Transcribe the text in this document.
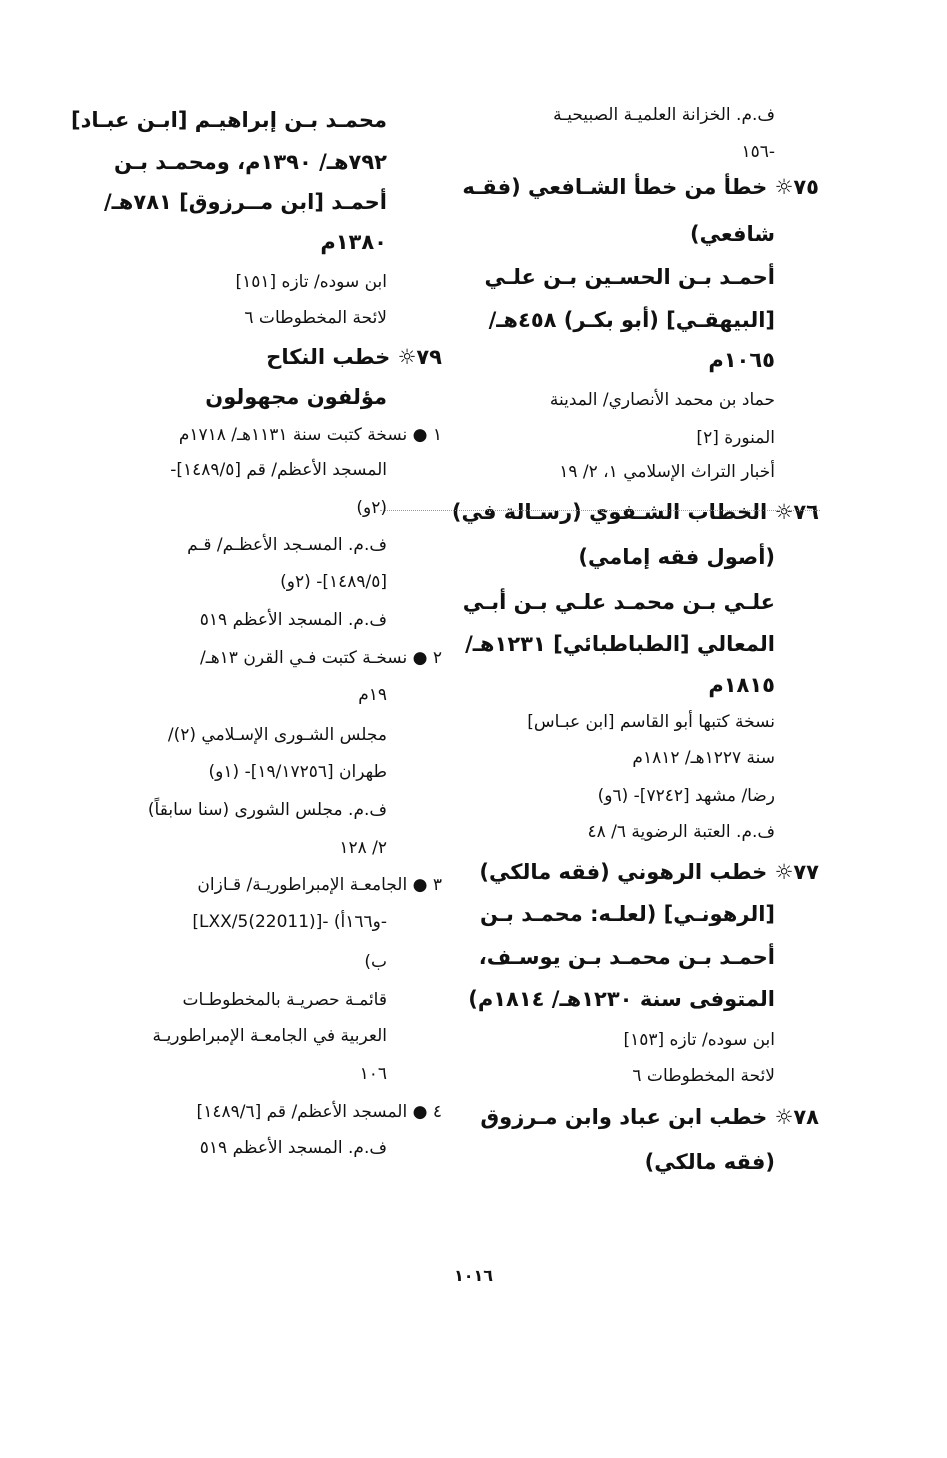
ف.م. الخزانة العلميـة الصبيحيـة
١٥٦-
٧٥☼ خطأ من خطأ الشـافعي (فقـه
شافعي)
أحمـد بـن الحسـين بـن علـي
[البيهقـي] (أبو بكـر) ٤٥٨هـ/
١٠٦٥م
حماد بن محمد الأنصاري/ المدينة
المنورة [٢]
أخبار التراث الإسلامي ١، ٢/ ١٩
٧٦☼ الخطاب الشـفوي (رسـالة في)
(أصول فقه إمامي)
علـي بـن محمـد علـي بـن أبـي
المعالي [الطباطبائي] ١٢٣١هـ/
١٨١٥م
نسخة كتبها أبو القاسم [ابن عبـاس]
سنة ١٢٢٧هـ/ ١٨١٢م
رضا/ مشهد [٧٢٤٢]- (٦و)
ف.م. العتبة الرضوية ٦/ ٤٨
٧٧☼ خطب الرهوني (فقه مالكي)
[الرهونـي] (لعلـه: محمـد بـن
أحمـد بـن محمـد بـن يوسـف،
المتوفى سنة ١٢٣٠هـ/ ١٨١٤م)
ابن سوده/ تازه [١٥٣]
لائحة المخطوطات ٦
٧٨☼ خطب ابن عباد وابن مـرزوق
(فقه مالكي)
محمـد بـن إبراهيـم [ابـن عبـاد]
٧٩٢هـ/ ١٣٩٠م، ومحمـد بـن
أحمـد [ابن مــرزوق] ٧٨١هـ/
١٣٨٠م
ابن سوده/ تازه [١٥١]
لائحة المخطوطات ٦
٧٩☼ خطب النكاح
مؤلفون مجهولون
١ ● نسخة كتبت سنة ١١٣١هـ/ ١٧١٨م
المسجد الأعظم/ قم [١٤٨٩/٥]-
(٢و)
ف.م. المسـجد الأعظـم/ قـم
[١٤٨٩/٥]- (٢و)
ف.م. المسجد الأعظم ٥١٩
٢ ● نسخـة كتبت فـي القرن ١٣هـ/
١٩م
مجلس الشـورى الإسـلامي (٢)/
طهران [١٩/١٧٢٥٦]- (١و)
ف.م. مجلس الشورى (سنا سابقاً)
٢/ ١٢٨
٣ ● الجامعـة الإمبراطوريـة/ قـازان
[LXX/5(22011)]- (و١٦٦أ-
ب)
قائمـة حصريـة بالمخطوطـات
العربية في الجامعـة الإمبراطوريـة
١٠٦
٤ ● المسجد الأعظم/ قم [١٤٨٩/٦]
ف.م. المسجد الأعظم ٥١٩
١٠١٦
